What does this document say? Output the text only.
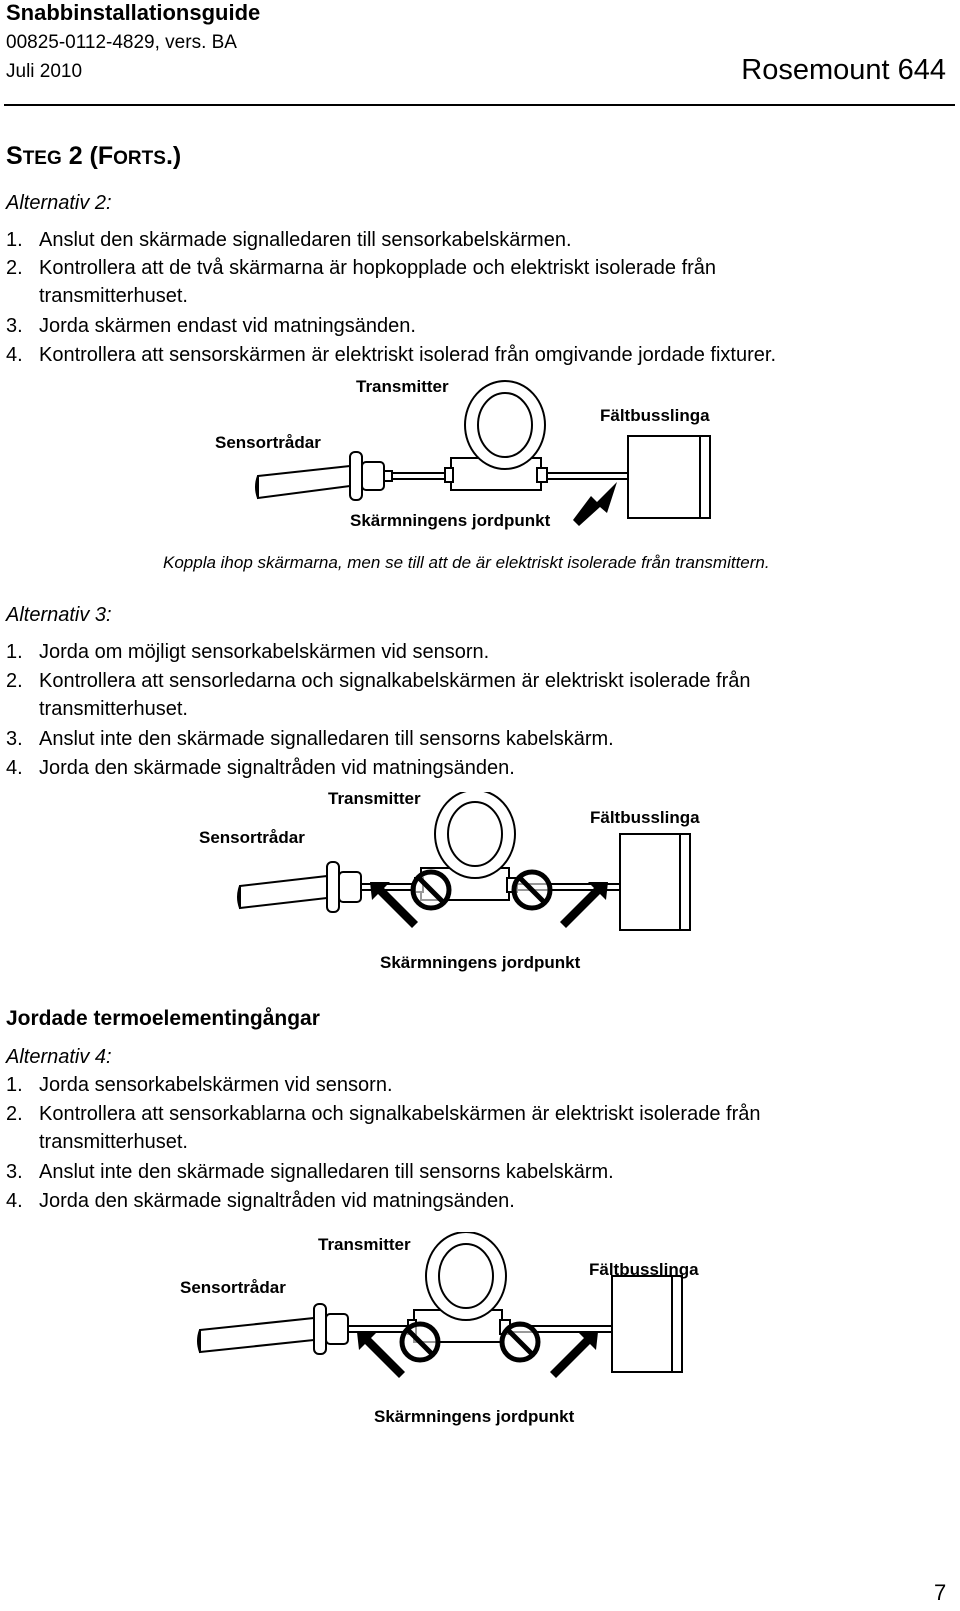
Snabbinstallationsguide
00825-0112-4829, vers. BA
Juli 2010	Rosemount 644
STEG 2 (FORTS.)
Alternativ 2:
1. Anslut den skärmade signalledaren till sensorkabelskärmen.
2. Kontrollera att de två skärmarna är hopkopplade och elektriskt isolerade från
transmitterhuset.
3. Jorda skärmen endast vid matningsänden.
4. Kontrollera att sensorskärmen är elektriskt isolerad från omgivande jordade fixturer.
Transmitter
Fältbusslinga
Sensortrådar
Skärmningens jordpunkt
Koppla ihop skärmarna, men se till att de är elektriskt isolerade från transmittern.
Alternativ 3:
1. Jorda om möjligt sensorkabelskärmen vid sensorn.
2. Kontrollera att sensorledarna och signalkabelskärmen är elektriskt isolerade från
transmitterhuset.
3. Anslut inte den skärmade signalledaren till sensorns kabelskärm.
4. Jorda den skärmade signaltråden vid matningsänden.
Transmitter
Fältbusslinga
Sensortrådar
Skärmningens jordpunkt
Jordade termoelementingångar
Alternativ 4:
1. Jorda sensorkabelskärmen vid sensorn.
2. Kontrollera att sensorkablarna och signalkabelskärmen är elektriskt isolerade från
transmitterhuset.
3. Anslut inte den skärmade signalledaren till sensorns kabelskärm.
4. Jorda den skärmade signaltråden vid matningsänden.
Transmitter
Fältbusslinga
Sensortrådar
Skärmningens jordpunkt
7
